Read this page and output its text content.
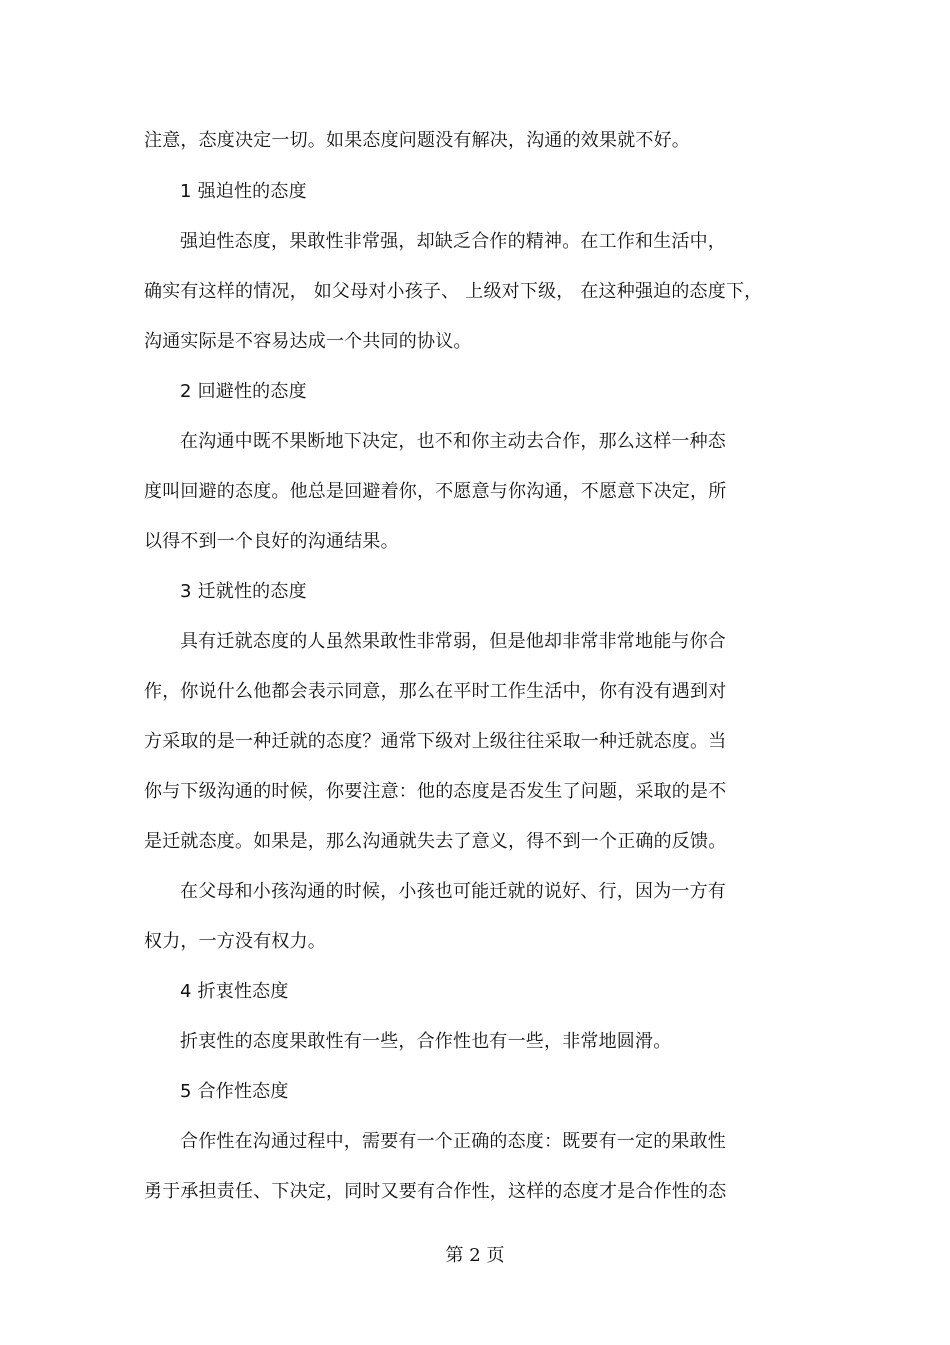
注意，态度决定一切。如果态度问题没有解决，沟通的效果就不好。
1 强迫性的态度
强迫性态度，果敢性非常强，却缺乏合作的精神。在工作和生活中，
确实有这样的情况， 如父母对小孩子、 上级对下级， 在这种强迫的态度下，
沟通实际是不容易达成一个共同的协议。
2 回避性的态度
在沟通中既不果断地下决定，也不和你主动去合作，那么这样一种态
度叫回避的态度。他总是回避着你，不愿意与你沟通，不愿意下决定，所
以得不到一个良好的沟通结果。
3 迁就性的态度
具有迁就态度的人虽然果敢性非常弱，但是他却非常非常地能与你合
作，你说什么他都会表示同意，那么在平时工作生活中，你有没有遇到对
方采取的是一种迁就的态度？通常下级对上级往往采取一种迁就态度。当
你与下级沟通的时候，你要注意：他的态度是否发生了问题，采取的是不
是迁就态度。如果是，那么沟通就失去了意义，得不到一个正确的反馈。
在父母和小孩沟通的时候，小孩也可能迁就的说好、行，因为一方有
权力，一方没有权力。
4 折衷性态度
折衷性的态度果敢性有一些，合作性也有一些，非常地圆滑。
5 合作性态度
合作性在沟通过程中，需要有一个正确的态度：既要有一定的果敢性
勇于承担责任、下决定，同时又要有合作性，这样的态度才是合作性的态
第 2 页
